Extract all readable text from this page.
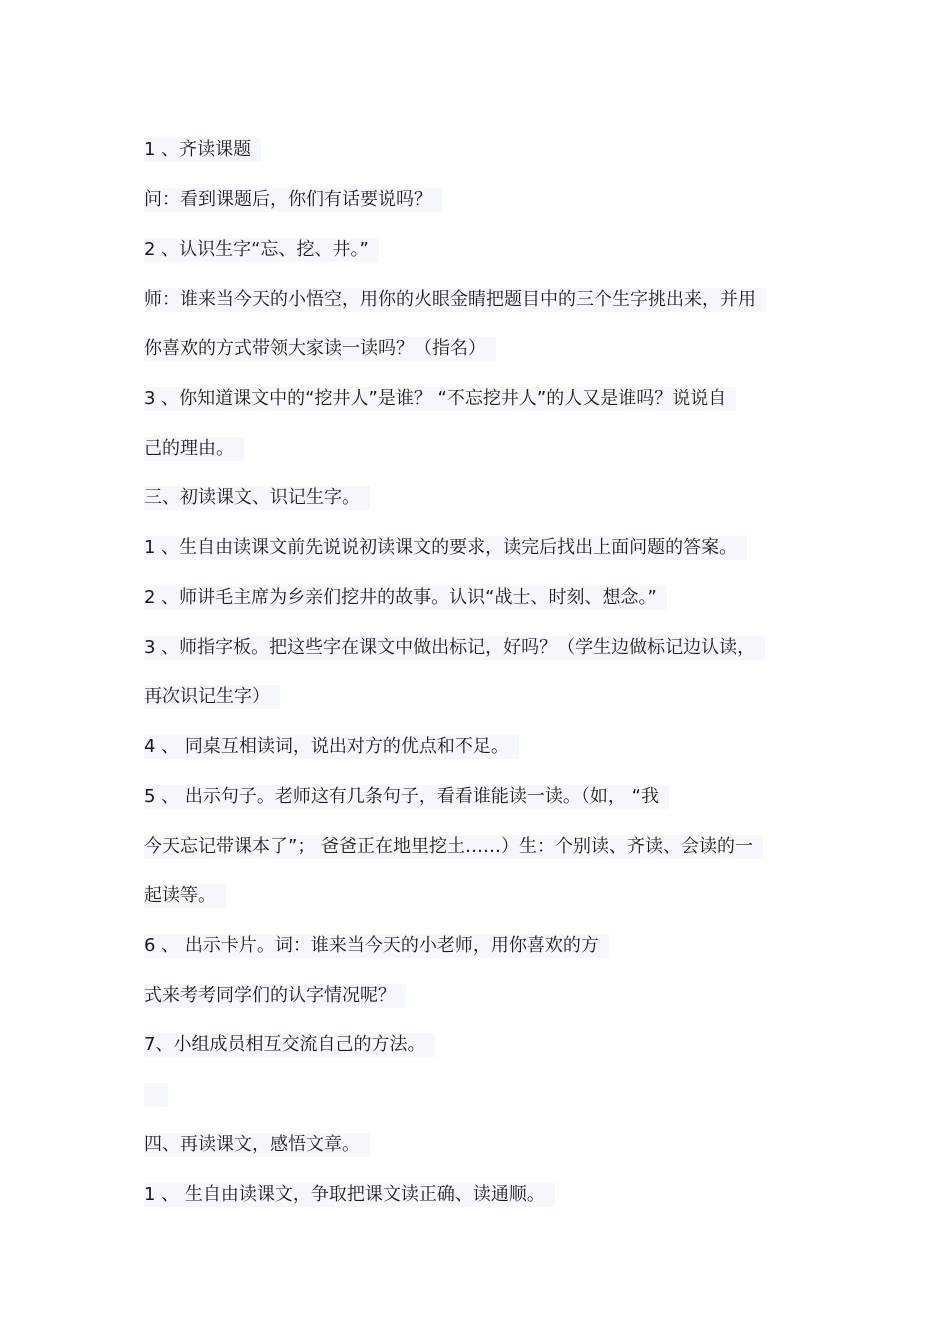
1 、齐读课题
问：看到课题后，你们有话要说吗？
2 、认识生字“忘、挖、井。”
师：谁来当今天的小悟空，用你的火眼金睛把题目中的三个生字挑出来，并用
你喜欢的方式带领大家读一读吗？（指名）
3 、你知道课文中的“挖井人”是谁？ “不忘挖井人”的人又是谁吗？说说自
己的理由。
三、初读课文、识记生字。
1 、生自由读课文前先说说初读课文的要求，读完后找出上面问题的答案。
2 、师讲毛主席为乡亲们挖井的故事。认识“战士、时刻、想念。”
3 、师指字板。把这些字在课文中做出标记，好吗？（学生边做标记边认读，
再次识记生字）
4 、 同桌互相读词，说出对方的优点和不足。
5 、 出示句子。老师这有几条句子，看看谁能读一读。（如， “我
今天忘记带课本了”； 爸爸正在地里挖土……）生：个别读、齐读、会读的一
起读等。
6 、 出示卡片。词：谁来当今天的小老师，用你喜欢的方
式来考考同学们的认字情况呢？
7、小组成员相互交流自己的方法。
四、再读课文，感悟文章。
1 、 生自由读课文，争取把课文读正确、读通顺。
